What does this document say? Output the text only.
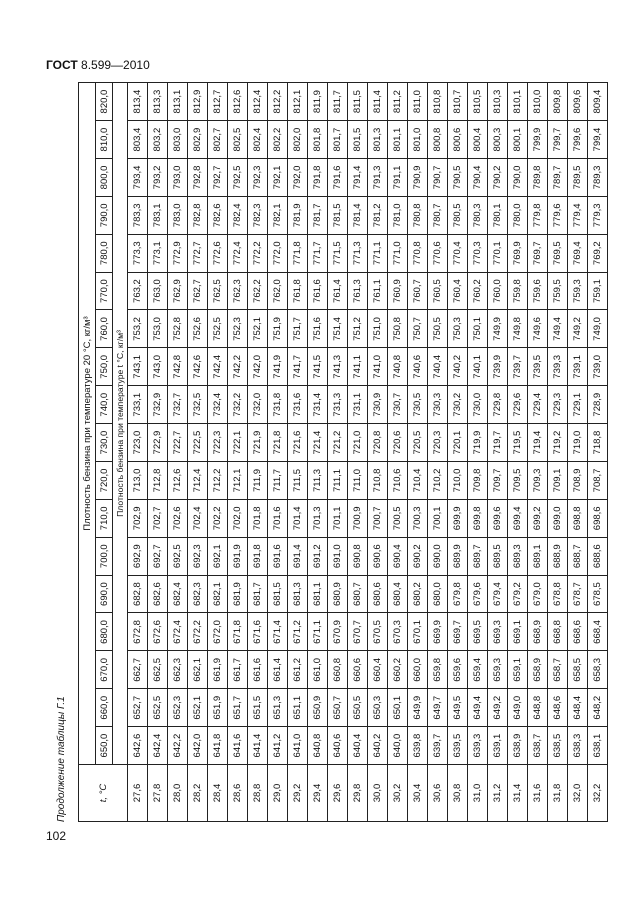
ГОСТ 8.599—2010
Продолжение таблицы Г.1	t, °С	Плотность бензина при температуре 20 °С, кг/м³																	
	650,0	660,0	670,0	680,0	690,0	700,0	710,0	720,0	730,0	740,0	750,0	760,0	770,0	780,0	790,0	800,0	810,0	820,0
	Плотность бензина при температуре t °С, кг/м³																	
27,6	642,6	652,7	662,7	672,8	682,8	692,9	702,9	713,0	723,0	733,1	743,1	753,2	763,2	773,3	783,3	793,4	803,4	813,4
27,8	642,4	652,5	662,5	672,6	682,6	692,7	702,7	712,8	722,9	732,9	743,0	753,0	763,0	773,1	783,1	793,2	803,2	813,3
28,0	642,2	652,3	662,3	672,4	682,4	692,5	702,6	712,6	722,7	732,7	742,8	752,8	762,9	772,9	783,0	793,0	803,0	813,1
28,2	642,0	652,1	662,1	672,2	682,3	692,3	702,4	712,4	722,5	732,5	742,6	752,6	762,7	772,7	782,8	792,8	802,9	812,9
28,4	641,8	651,9	661,9	672,0	682,1	692,1	702,2	712,2	722,3	732,4	742,4	752,5	762,5	772,6	782,6	792,7	802,7	812,7
28,6	641,6	651,7	661,7	671,8	681,9	691,9	702,0	712,1	722,1	732,2	742,2	752,3	762,3	772,4	782,4	792,5	802,5	812,6
28,8	641,4	651,5	661,6	671,6	681,7	691,8	701,8	711,9	721,9	732,0	742,0	752,1	762,2	772,2	782,3	792,3	802,4	812,4
29,0	641,2	651,3	661,4	671,4	681,5	691,6	701,6	711,7	721,8	731,8	741,9	751,9	762,0	772,0	782,1	792,1	802,2	812,2
29,2	641,0	651,1	661,2	671,2	681,3	691,4	701,4	711,5	721,6	731,6	741,7	751,7	761,8	771,8	781,9	792,0	802,0	812,1
29,4	640,8	650,9	661,0	671,1	681,1	691,2	701,3	711,3	721,4	731,4	741,5	751,6	761,6	771,7	781,7	791,8	801,8	811,9
29,6	640,6	650,7	660,8	670,9	680,9	691,0	701,1	711,1	721,2	731,3	741,3	751,4	761,4	771,5	781,5	791,6	801,7	811,7
29,8	640,4	650,5	660,6	670,7	680,7	690,8	700,9	711,0	721,0	731,1	741,1	751,2	761,3	771,3	781,4	791,4	801,5	811,5
30,0	640,2	650,3	660,4	670,5	680,6	690,6	700,7	710,8	720,8	730,9	741,0	751,0	761,1	771,1	781,2	791,3	801,3	811,4
30,2	640,0	650,1	660,2	670,3	680,4	690,4	700,5	710,6	720,6	730,7	740,8	750,8	760,9	771,0	781,0	791,1	801,1	811,2
30,4	639,8	649,9	660,0	670,1	680,2	690,2	700,3	710,4	720,5	730,5	740,6	750,7	760,7	770,8	780,8	790,9	801,0	811,0
30,6	639,7	649,7	659,8	669,9	680,0	690,0	700,1	710,2	720,3	730,3	740,4	750,5	760,5	770,6	780,7	790,7	800,8	810,8
30,8	639,5	649,5	659,6	669,7	679,8	689,9	699,9	710,0	720,1	730,2	740,2	750,3	760,4	770,4	780,5	790,5	800,6	810,7
31,0	639,3	649,4	659,4	669,5	679,6	689,7	699,8	709,8	719,9	730,0	740,1	750,1	760,2	770,3	780,3	790,4	800,4	810,5
31,2	639,1	649,2	659,3	669,3	679,4	689,5	699,6	709,7	719,7	729,8	739,9	749,9	760,0	770,1	780,1	790,2	800,3	810,3
31,4	638,9	649,0	659,1	669,1	679,2	689,3	699,4	709,5	719,5	729,6	739,7	749,8	759,8	769,9	780,0	790,0	800,1	810,1
31,6	638,7	648,8	658,9	668,9	679,0	689,1	699,2	709,3	719,4	729,4	739,5	749,6	759,6	769,7	779,8	789,8	799,9	810,0
31,8	638,5	648,6	658,7	668,8	678,8	688,9	699,0	709,1	719,2	729,3	739,3	749,4	759,5	769,5	779,6	789,7	799,7	809,8
32,0	638,3	648,4	658,5	668,6	678,7	688,7	698,8	708,9	719,0	729,1	739,1	749,2	759,3	769,4	779,4	789,5	799,6	809,6
32,2	638,1	648,2	658,3	668,4	678,5	688,6	698,6	708,7	718,8	728,9	739,0	749,0	759,1	769,2	779,3	789,3	799,4	809,4
102
